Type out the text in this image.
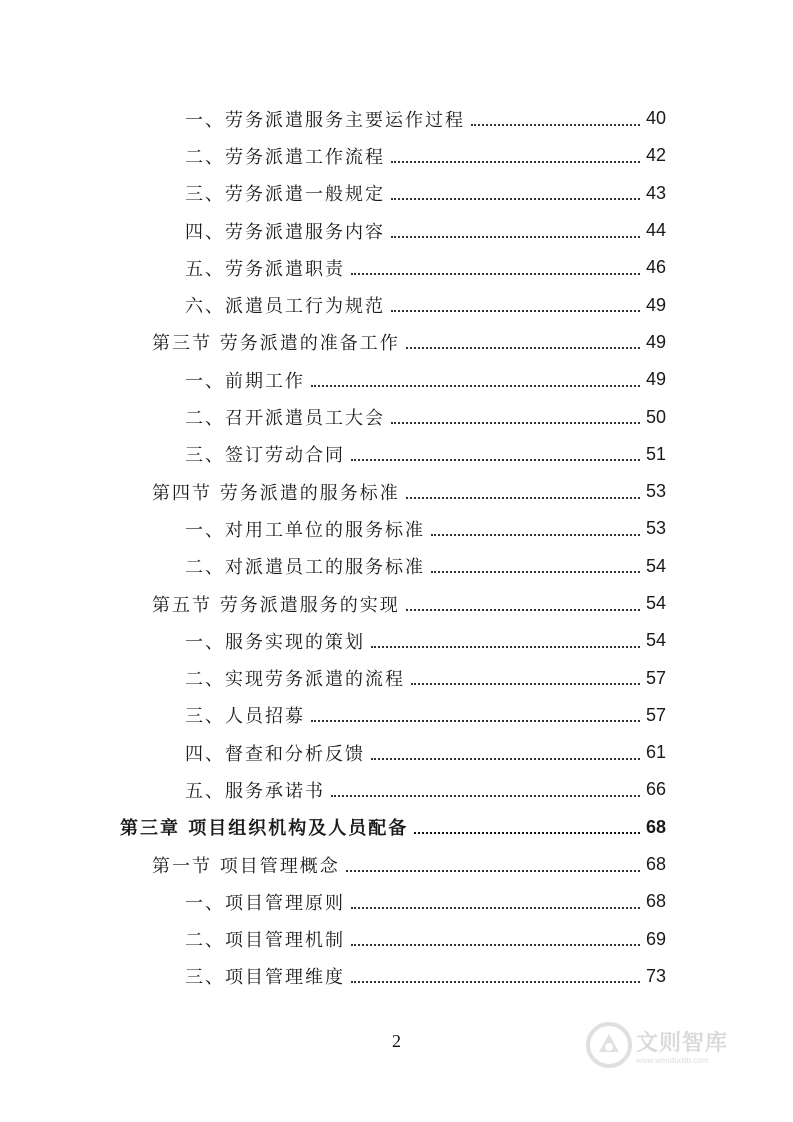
一、劳务派遣服务主要运作过程	40
二、劳务派遣工作流程	42
三、劳务派遣一般规定	43
四、劳务派遣服务内容	44
五、劳务派遣职责	46
六、派遣员工行为规范	49
第三节 劳务派遣的准备工作	49
一、前期工作	49
二、召开派遣员工大会	50
三、签订劳动合同	51
第四节 劳务派遣的服务标准	53
一、对用工单位的服务标准	53
二、对派遣员工的服务标准	54
第五节 劳务派遣服务的实现	54
一、服务实现的策划	54
二、实现劳务派遣的流程	57
三、人员招募	57
四、督查和分析反馈	61
五、服务承诺书	66
第三章 项目组织机构及人员配备	68
第一节 项目管理概念	68
一、项目管理原则	68
二、项目管理机制	69
三、项目管理维度	73
2	文则智库
www.wenduolib.com
